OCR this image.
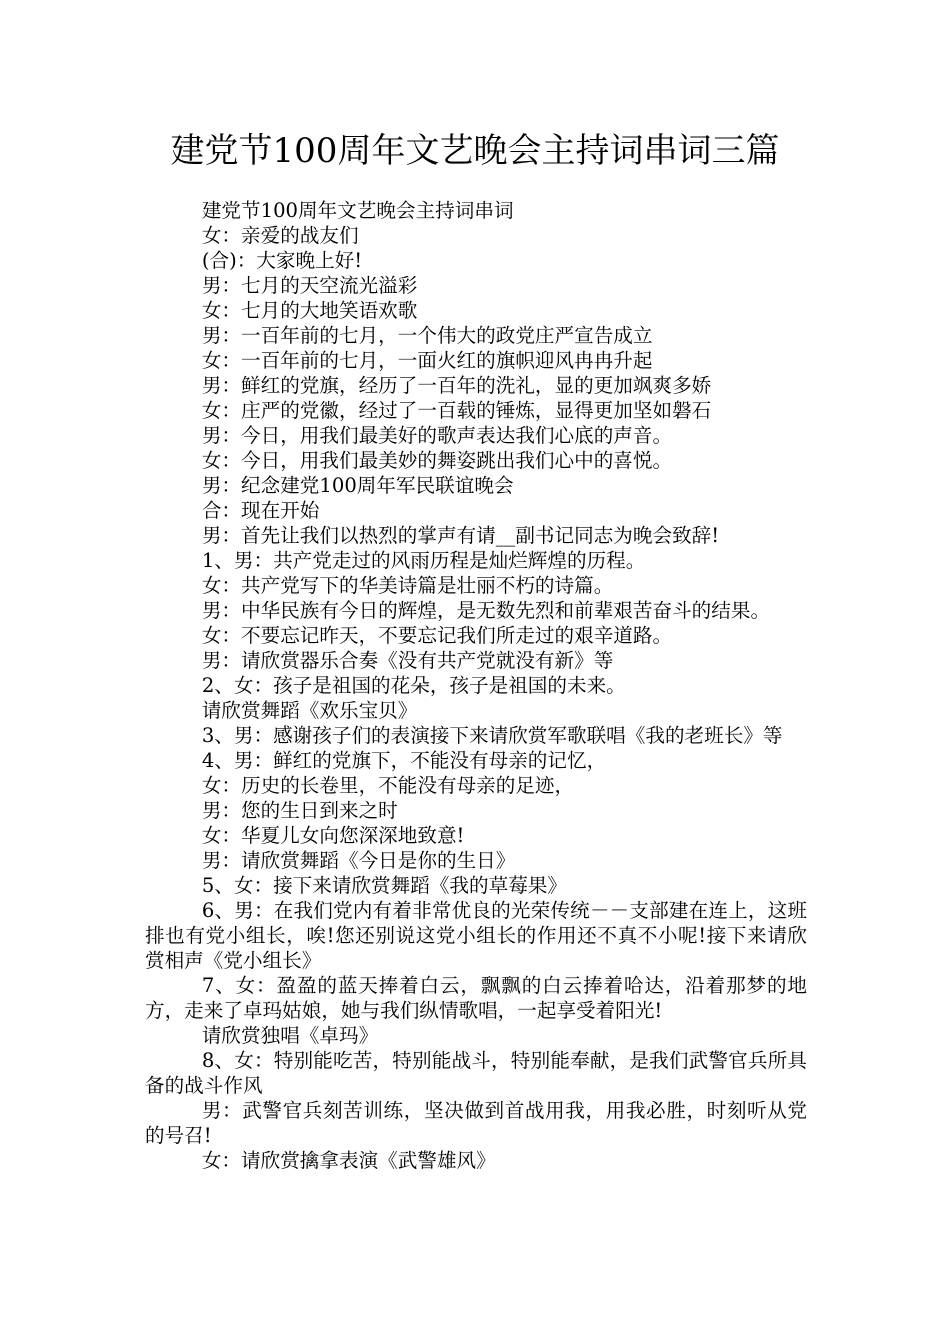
建党节100周年文艺晚会主持词串词三篇

建党节100周年文艺晚会主持词串词

女：亲爱的战友们

(合)：大家晚上好!

男：七月的天空流光溢彩

女：七月的大地笑语欢歌

男：一百年前的七月，一个伟大的政党庄严宣告成立

女：一百年前的七月，一面火红的旗帜迎风冉冉升起

男：鲜红的党旗，经历了一百年的洗礼，显的更加飒爽多娇

女：庄严的党徽，经过了一百载的锤炼，显得更加坚如磐石

男：今日，用我们最美好的歌声表达我们心底的声音。

女：今日，用我们最美妙的舞姿跳出我们心中的喜悦。

男：纪念建党100周年军民联谊晚会

合：现在开始

男：首先让我们以热烈的掌声有请__副书记同志为晚会致辞!

1、男：共产党走过的风雨历程是灿烂辉煌的历程。

女：共产党写下的华美诗篇是壮丽不朽的诗篇。

男：中华民族有今日的辉煌，是无数先烈和前辈艰苦奋斗的结果。

女：不要忘记昨天，不要忘记我们所走过的艰辛道路。

男：请欣赏器乐合奏《没有共产党就没有新》等

2、女：孩子是祖国的花朵，孩子是祖国的未来。

请欣赏舞蹈《欢乐宝贝》

3、男：感谢孩子们的表演接下来请欣赏军歌联唱《我的老班长》等

4、男：鲜红的党旗下，不能没有母亲的记忆，

女：历史的长卷里，不能没有母亲的足迹，

男：您的生日到来之时

女：华夏儿女向您深深地致意!

男：请欣赏舞蹈《今日是你的生日》

5、女：接下来请欣赏舞蹈《我的草莓果》

6、男：在我们党内有着非常优良的光荣传统－－支部建在连上，这班排也有党小组长，唉!您还别说这党小组长的作用还不真不小呢!接下来请欣赏相声《党小组长》

7、女：盈盈的蓝天捧着白云，飘飘的白云捧着哈达，沿着那梦的地方，走来了卓玛姑娘，她与我们纵情歌唱，一起享受着阳光!

请欣赏独唱《卓玛》

8、女：特别能吃苦，特别能战斗，特别能奉献，是我们武警官兵所具备的战斗作风

男：武警官兵刻苦训练，坚决做到首战用我，用我必胜，时刻听从党的号召!

女：请欣赏擒拿表演《武警雄风》
